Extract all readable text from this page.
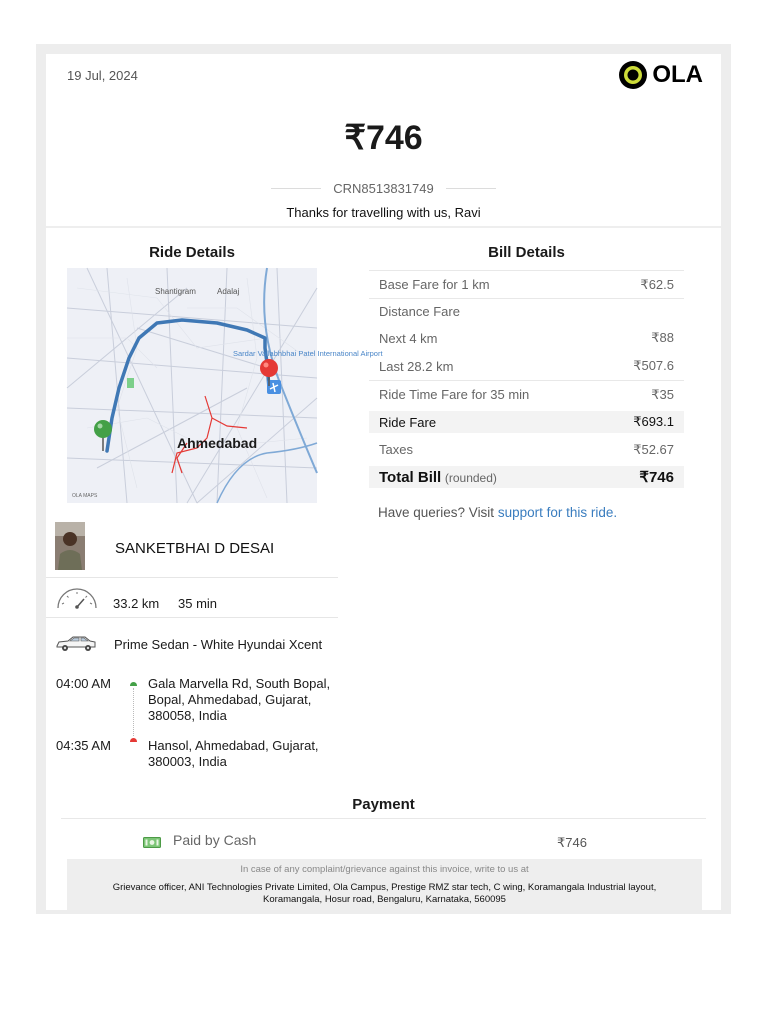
19 Jul, 2024	OLA
₹746
CRN8513831749
Thanks for travelling with us, Ravi
Ride Details	Bill Details
Shantigram	Adalaj
Sardar Vallabhbhai Patel International Airport
Ahmedabad
OLA MAPS
Base Fare for 1 km	₹62.5
Distance Fare
Next 4 km	₹88
Last 28.2 km	₹507.6
Ride Time Fare for 35 min	₹35
Ride Fare	₹693.1
Taxes	₹52.67
Total Bill (rounded)	₹746
Have queries? Visit support for this ride.
SANKETBHAI D DESAI
33.2 km 35 min
Prime Sedan - White Hyundai Xcent
04:00 AM	Gala Marvella Rd, South Bopal, Bopal, Ahmedabad, Gujarat, 380058, India
04:35 AM	Hansol, Ahmedabad, Gujarat, 380003, India
Payment
Paid by Cash	₹746
In case of any complaint/grievance against this invoice, write to us at
Grievance officer, ANI Technologies Private Limited, Ola Campus, Prestige RMZ star tech, C wing, Koramangala Industrial layout, Koramangala, Hosur road, Bengaluru, Karnataka, 560095
